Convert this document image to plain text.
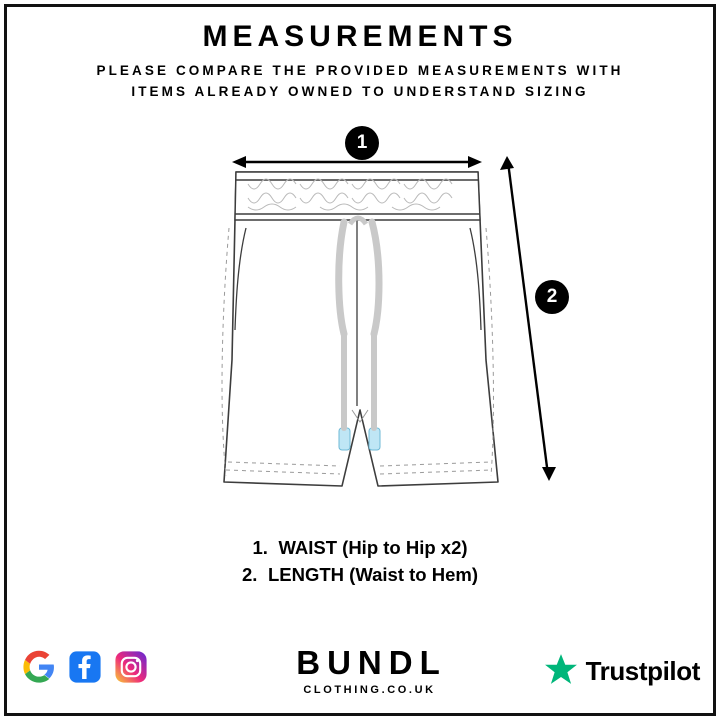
MEASUREMENTS

PLEASE COMPARE THE PROVIDED MEASUREMENTS WITH

ITEMS ALREADY OWNED TO UNDERSTAND SIZING

1
2
1. WAIST (Hip to Hip x2)
2. LENGTH (Waist to Hem)

BUNDL

CLOTHING.CO.UK

Trustpilot
